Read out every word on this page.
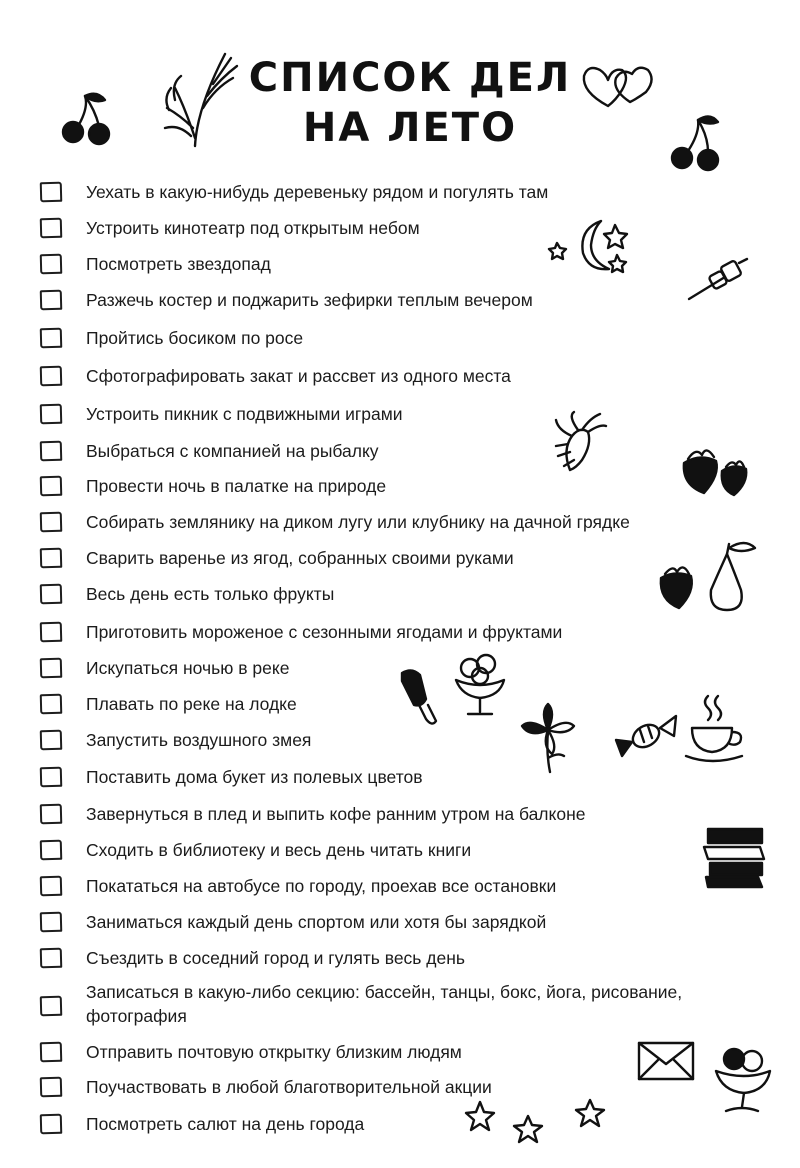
СПИСОК ДЕЛ
НА ЛЕТО
Уехать в какую-нибудь деревеньку рядом и погулять там
Устроить кинотеатр под открытым небом
Посмотреть звездопад
Разжечь костер и поджарить зефирки теплым вечером
Пройтись босиком по росе
Сфотографировать закат и рассвет из одного места
Устроить пикник с подвижными играми
Выбраться с компанией на рыбалку
Провести ночь в палатке на природе
Собирать землянику на диком лугу или клубнику на дачной грядке
Сварить варенье из ягод, собранных своими руками
Весь день есть только фрукты
Приготовить мороженое с сезонными ягодами и фруктами
Искупаться ночью в реке
Плавать по реке на лодке
Запустить воздушного змея
Поставить дома букет из полевых цветов
Завернуться в плед и выпить кофе ранним утром на балконе
Сходить в библиотеку и весь день читать книги
Покататься на автобусе по городу, проехав все остановки
Заниматься каждый день спортом или хотя бы зарядкой
Съездить в соседний город и гулять весь день
Записаться в какую-либо секцию: бассейн, танцы, бокс, йога, рисование, фотография
Отправить почтовую открытку близким людям
Поучаствовать в любой благотворительной акции
Посмотреть салют на день города
